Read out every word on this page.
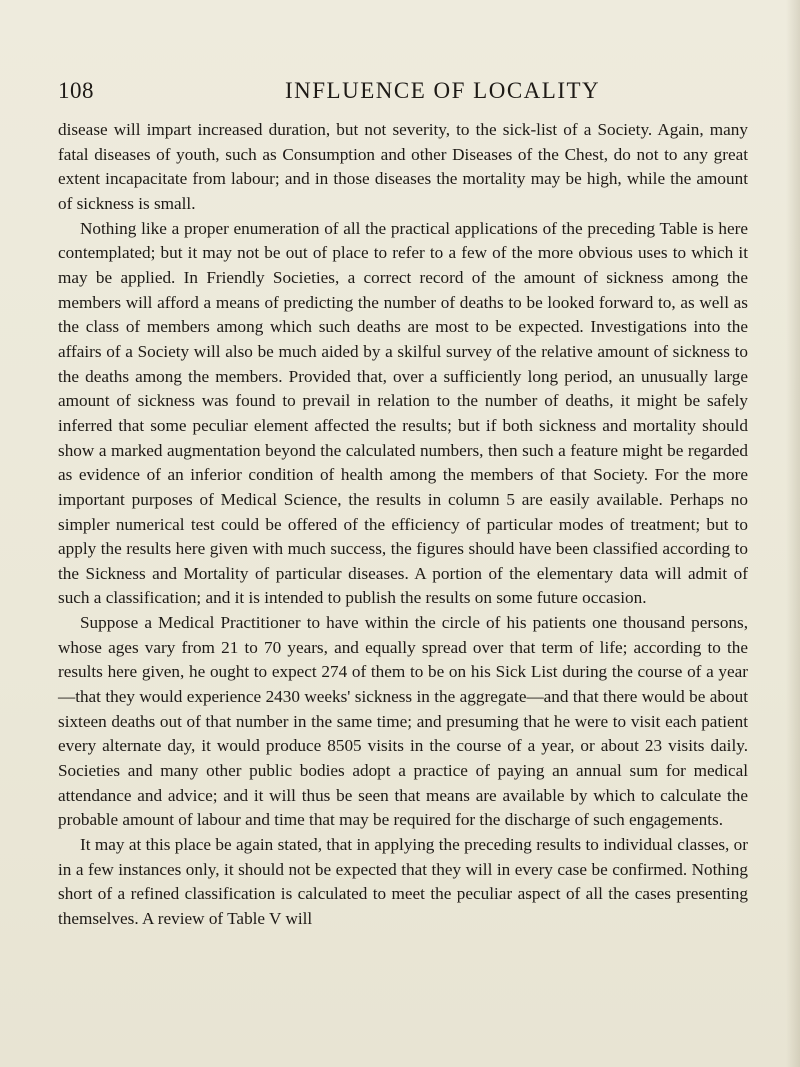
108	INFLUENCE OF LOCALITY

disease will impart increased duration, but not severity, to the sick-list of a Society. Again, many fatal diseases of youth, such as Consumption and other Diseases of the Chest, do not to any great extent incapacitate from labour; and in those diseases the mortality may be high, while the amount of sickness is small.

Nothing like a proper enumeration of all the practical applications of the preceding Table is here contemplated; but it may not be out of place to refer to a few of the more obvious uses to which it may be applied. In Friendly Societies, a correct record of the amount of sickness among the members will afford a means of predicting the number of deaths to be looked forward to, as well as the class of members among which such deaths are most to be expected. Investigations into the affairs of a Society will also be much aided by a skilful survey of the relative amount of sickness to the deaths among the members. Provided that, over a sufficiently long period, an unusually large amount of sickness was found to prevail in relation to the number of deaths, it might be safely inferred that some peculiar element affected the results; but if both sickness and mortality should show a marked augmentation beyond the calculated numbers, then such a feature might be regarded as evidence of an inferior condition of health among the members of that Society. For the more important purposes of Medical Science, the results in column 5 are easily available. Perhaps no simpler numerical test could be offered of the efficiency of particular modes of treatment; but to apply the results here given with much success, the figures should have been classified according to the Sickness and Mortality of particular diseases. A portion of the elementary data will admit of such a classification; and it is intended to publish the results on some future occasion.

Suppose a Medical Practitioner to have within the circle of his patients one thousand persons, whose ages vary from 21 to 70 years, and equally spread over that term of life; according to the results here given, he ought to expect 274 of them to be on his Sick List during the course of a year—that they would experience 2430 weeks' sickness in the aggregate—and that there would be about sixteen deaths out of that number in the same time; and presuming that he were to visit each patient every alternate day, it would produce 8505 visits in the course of a year, or about 23 visits daily. Societies and many other public bodies adopt a practice of paying an annual sum for medical attendance and advice; and it will thus be seen that means are available by which to calculate the probable amount of labour and time that may be required for the discharge of such engagements.

It may at this place be again stated, that in applying the preceding results to individual classes, or in a few instances only, it should not be expected that they will in every case be confirmed. Nothing short of a refined classification is calculated to meet the peculiar aspect of all the cases presenting themselves. A review of Table V will
